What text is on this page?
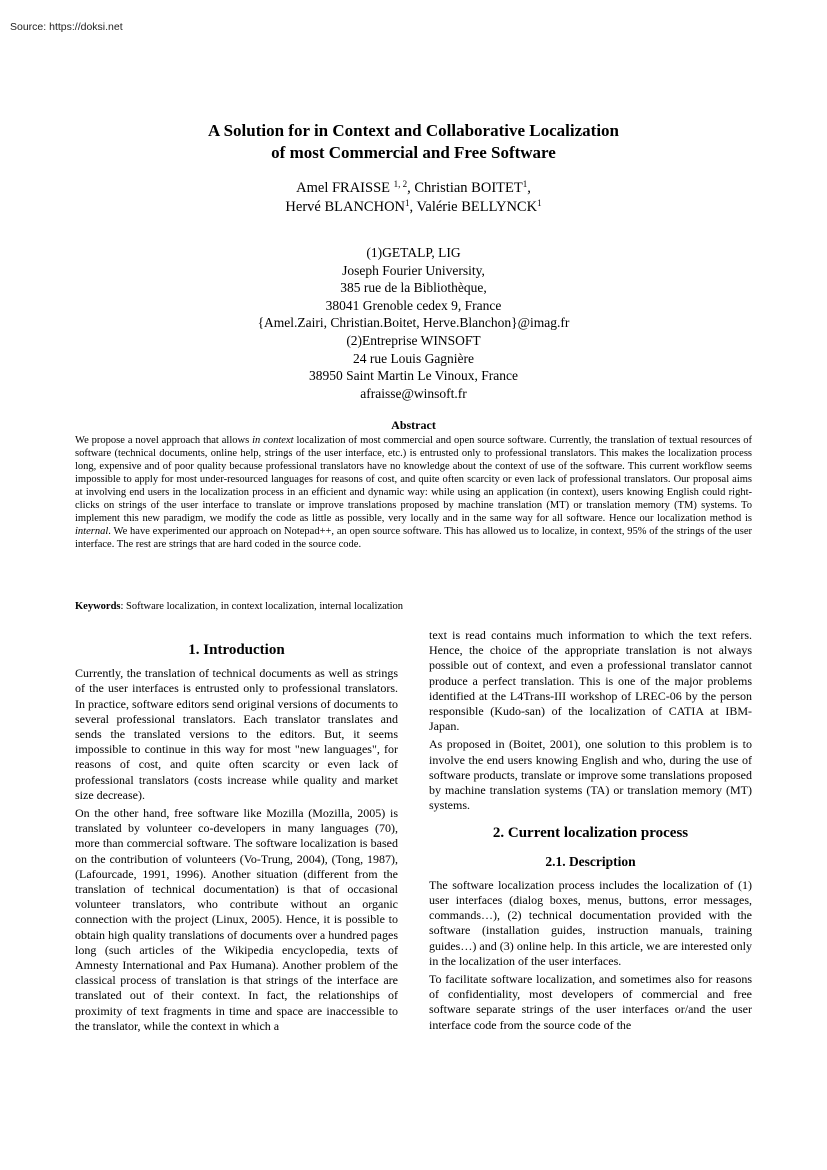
Source: https://doksi.net
A Solution for in Context and Collaborative Localization
of most Commercial and Free Software
Amel FRAISSE $^{1, 2}$, Christian BOITET$^1$,
Hervé BLANCHON$^1$, Valérie BELLYNCK$^1$
(1)GETALP, LIG
Joseph Fourier University,
385 rue de la Bibliothèque,
38041 Grenoble cedex 9, France
{Amel.Zairi, Christian.Boitet, Herve.Blanchon}@imag.fr
(2)Entreprise WINSOFT
24 rue Louis Gagnière
38950 Saint Martin Le Vinoux, France
afraisse@winsoft.fr
Abstract

We propose a novel approach that allows in context localization of most commercial and open source software. Currently, the translation of textual resources of software (technical documents, online help, strings of the user interface, etc.) is entrusted only to professional translators. This makes the localization process long, expensive and of poor quality because professional translators have no knowledge about the context of use of the software. This current workflow seems impossible to apply for most under-resourced languages for reasons of cost, and quite often scarcity or even lack of professional translators. Our proposal aims at involving end users in the localization process in an efficient and dynamic way: while using an application (in context), users knowing English could right-clicks on strings of the user interface to translate or improve translations proposed by machine translation (MT) or translation memory (TM) systems. To implement this new paradigm, we modify the code as little as possible, very locally and in the same way for all software. Hence our localization method is internal. We have experimented our approach on Notepad++, an open source software. This has allowed us to localize, in context, 95% of the strings of the user interface. The rest are strings that are hard coded in the source code.

Keywords: Software localization, in context localization, internal localization

1. Introduction

Currently, the translation of technical documents as well as strings of the user interfaces is entrusted only to professional translators. In practice, software editors send original versions of documents to several professional translators. Each translator translates and sends the translated versions to the editors. But, it seems impossible to continue in this way for most "new languages", for reasons of cost, and quite often scarcity or even lack of professional translators (costs increase while quality and market size decrease).

On the other hand, free software like Mozilla (Mozilla, 2005) is translated by volunteer co-developers in many languages (70), more than commercial software. The software localization is based on the contribution of volunteers (Vo-Trung, 2004), (Tong, 1987), (Lafourcade, 1991, 1996). Another situation (different from the translation of technical documentation) is that of occasional volunteer translators, who contribute without an organic connection with the project (Linux, 2005). Hence, it is possible to obtain high quality translations of documents over a hundred pages long (such articles of the Wikipedia encyclopedia, texts of Amnesty International and Pax Humana). Another problem of the classical process of translation is that strings of the interface are translated out of their context. In fact, the relationships of proximity of text fragments in time and space are inaccessible to the translator, while the context in which a

text is read contains much information to which the text refers. Hence, the choice of the appropriate translation is not always possible out of context, and even a professional translator cannot produce a perfect translation. This is one of the major problems identified at the L4Trans-III workshop of LREC-06 by the person responsible (Kudo-san) of the localization of CATIA at IBM-Japan.

As proposed in (Boitet, 2001), one solution to this problem is to involve the end users knowing English and who, during the use of software products, translate or improve some translations proposed by machine translation systems (TA) or translation memory (MT) systems.

2. Current localization process
2.1. Description

The software localization process includes the localization of (1) user interfaces (dialog boxes, menus, buttons, error messages, commands…), (2) technical documentation provided with the software (installation guides, instruction manuals, training guides…) and (3) online help. In this article, we are interested only in the localization of the user interfaces.

To facilitate software localization, and sometimes also for reasons of confidentiality, most developers of commercial and free software separate strings of the user interfaces or/and the user interface code from the source code of the
